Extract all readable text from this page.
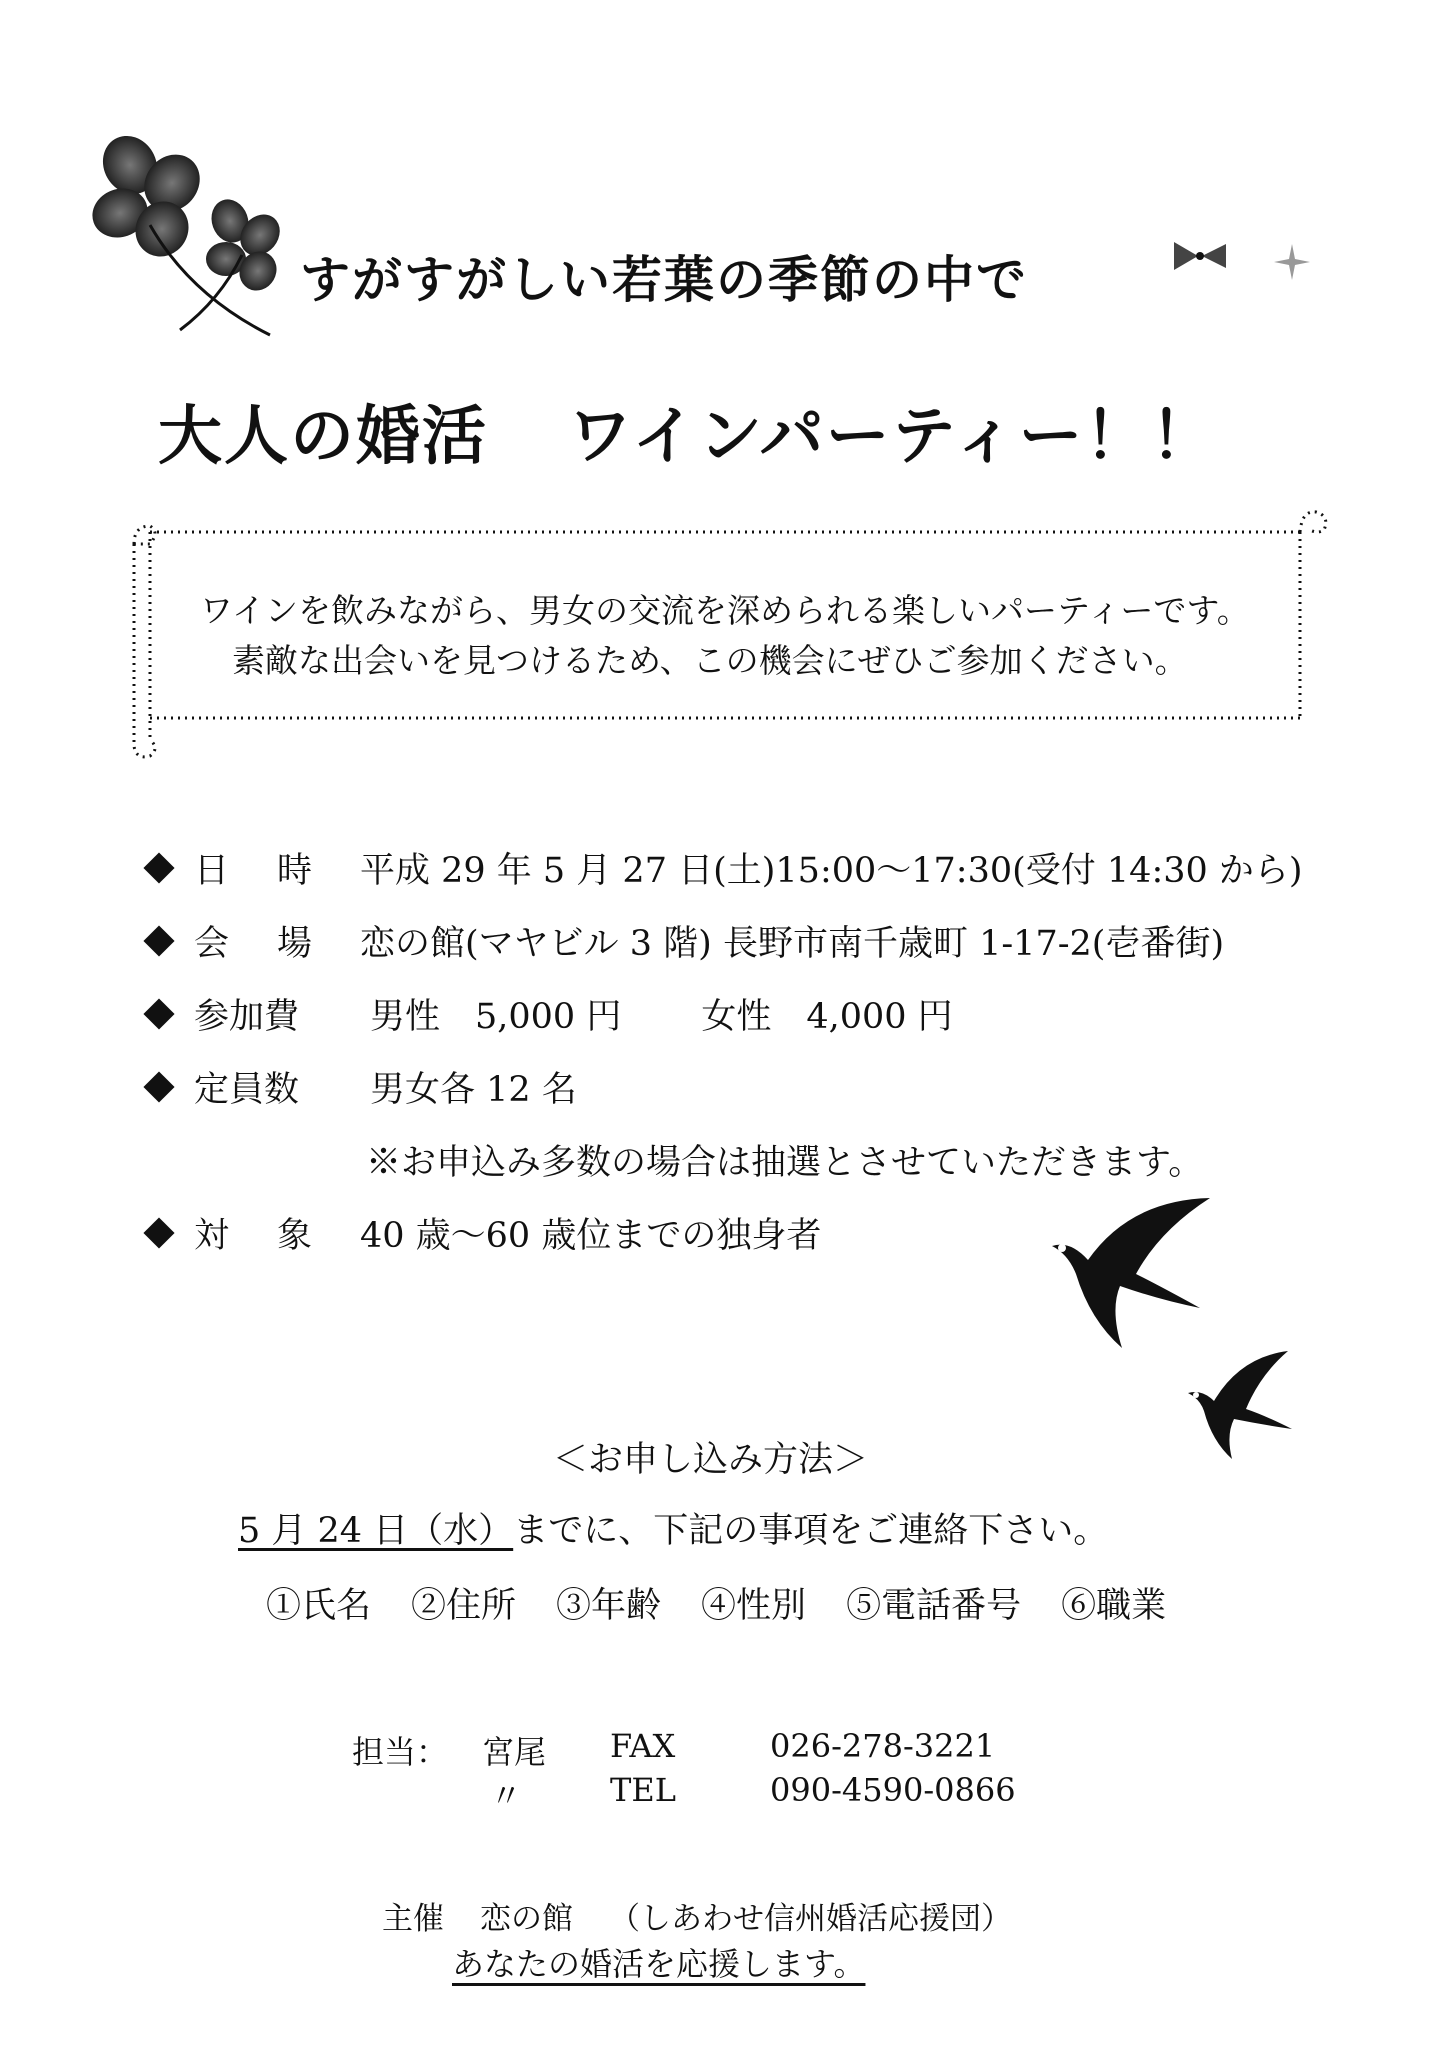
すがすがしい若葉の季節の中で
大人の婚活 ワインパーティー！！
ワインを飲みながら、男女の交流を深められる楽しいパーティーです。
素敵な出会いを見つけるため、この機会にぜひご参加ください。
日 時 平成 29 年 5 月 27 日(土)15:00～17:30(受付 14:30 から)
会 場 恋の館(マヤビル 3 階) 長野市南千歳町 1-17-2(壱番街)
参加費	男性　5,000 円 女性　4,000 円
定員数	男女各 12 名
※お申込み多数の場合は抽選とさせていただきます。
対 象 40 歳～60 歳位までの独身者
＜お申し込み方法＞
5 月 24 日（水）までに、下記の事項をご連絡下さい。
①氏名 ②住所 ③年齢 ④性別 ⑤電話番号 ⑥職業
担当： 宮尾 FAX	026-278-3221
〃	TEL	090-4590-0866
主催 恋の館 （しあわせ信州婚活応援団）
あなたの婚活を応援します。
